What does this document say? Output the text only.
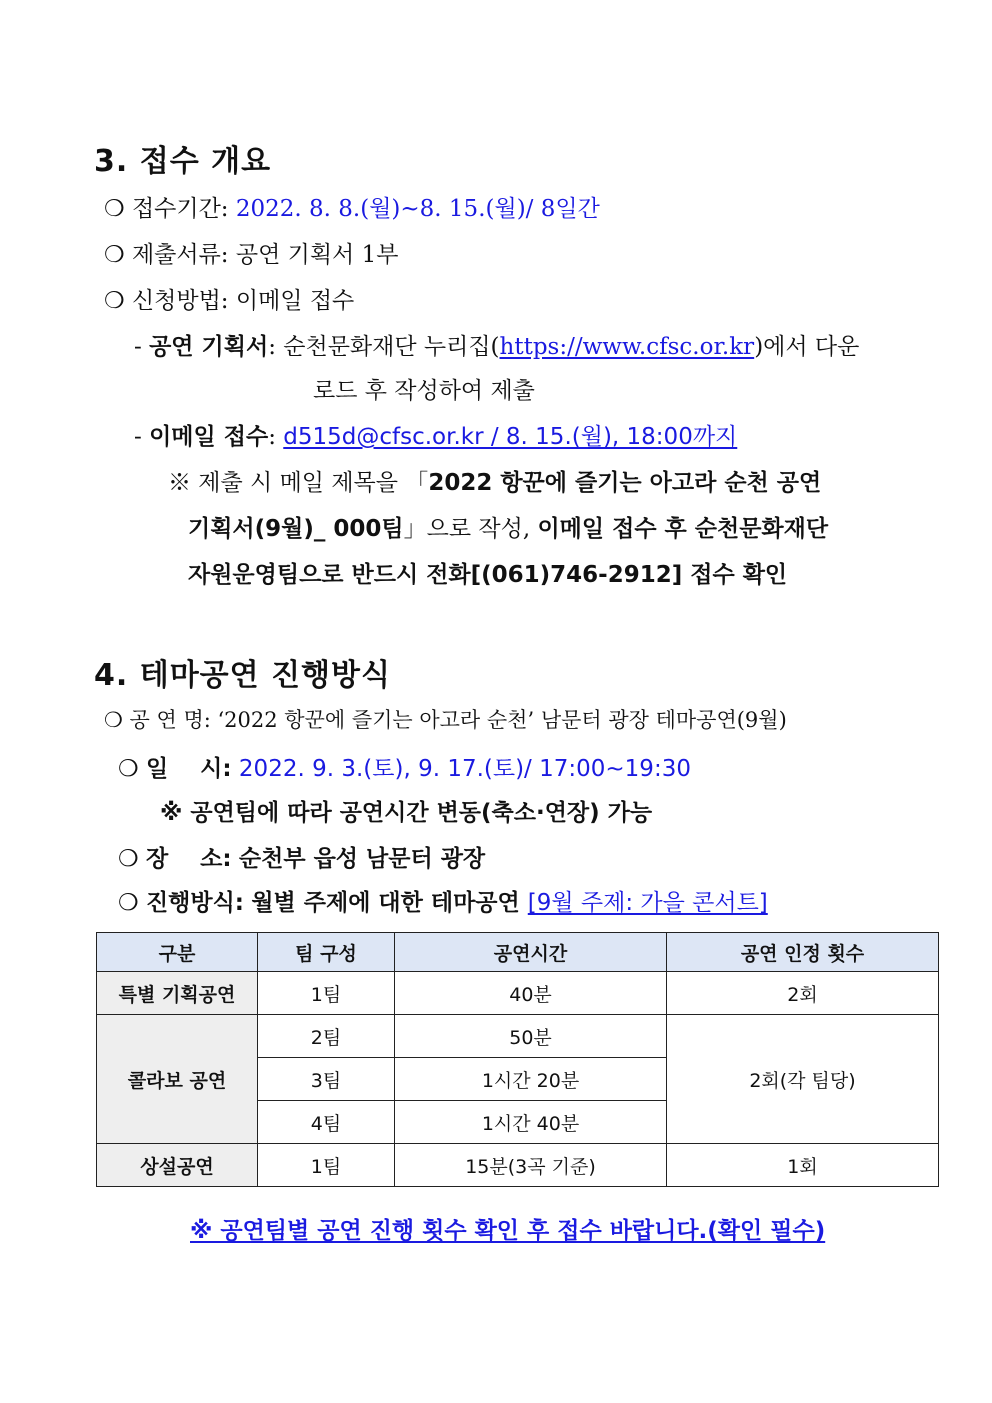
3. 접수 개요
❍ 접수기간: 2022. 8. 8.(월)~8. 15.(월)/ 8일간
❍ 제출서류: 공연 기획서 1부
❍ 신청방법: 이메일 접수
- 공연 기획서: 순천문화재단 누리집(https://www.cfsc.or.kr)에서 다운
로드 후 작성하여 제출
- 이메일 접수: d515d@cfsc.or.kr / 8. 15.(월), 18:00까지
※ 제출 시 메일 제목을 「2022 항꾼에 즐기는 아고라 순천 공연
기획서(9월)_ 000팀」으로 작성, 이메일 접수 후 순천문화재단
자원운영팀으로 반드시 전화[(061)746-2912] 접수 확인
4. 테마공연 진행방식
❍ 공 연 명: ‘2022 항꾼에 즐기는 아고라 순천’ 남문터 광장 테마공연(9월)
❍ 일    시: 2022. 9. 3.(토), 9. 17.(토)/ 17:00~19:30
※ 공연팀에 따라 공연시간 변동(축소·연장) 가능
❍ 장    소: 순천부 읍성 남문터 광장
❍ 진행방식: 월별 주제에 대한 테마공연 [9월 주제: 가을 콘서트]
구분	팀 구성	공연시간	공연 인정 횟수
특별 기획공연	1팀	40분	2회
콜라보 공연	2팀	50분	2회(각 팀당)
	3팀	1시간 20분	
	4팀	1시간 40분	
상설공연	1팀	15분(3곡 기준)	1회
※ 공연팀별 공연 진행 횟수 확인 후 접수 바랍니다.(확인 필수)
